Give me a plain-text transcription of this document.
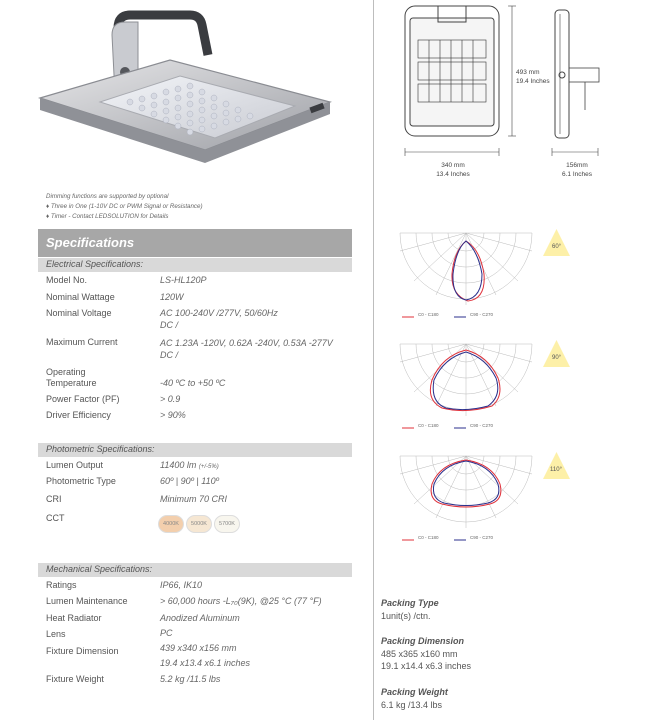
Dimming functions are supported by optional
♦ Three in One (1-10V DC or PWM Signal or Resistance)
♦ Timer - Contact LEDSOLUTION for Details
Specifications
Electrical Specifications:
Model No.	LS-HL120P
Nominal Wattage	120W
Nominal Voltage	AC 100-240V /277V, 50/60Hz
DC /
Maximum Current	AC 1.23A -120V, 0.62A -240V, 0.53A -277V
DC /
Operating
Temperature	-40 ºC to +50 ºC
Power Factor (PF)	> 0.9
Driver Efficiency	> 90%
Photometric Specifications:
Lumen Output	11400 lm (+/-5%)
Photometric Type	60º | 90º | 110º
CRI	Minimum 70 CRI
CCT
4000K	5000K	5700K
Mechanical Specifications:
Ratings	IP66, IK10
Lumen Maintenance	> 60,000 hours -L₇₀(9K), @25 °C (77 °F)
Heat Radiator	Anodized Aluminum
Lens	PC
Fixture Dimension	439 x340 x156 mm
19.4 x13.4 x6.1 inches
Fixture Weight	5.2 kg /11.5 lbs
493 mm
19.4 Inches
340 mm
13.4 Inches
156mm
6.1 Inches
C0 - C180	C90 - C270
60°
C0 - C180	C90 - C270
90°
C0 - C180	C90 - C270
110°
Packing Type
1unit(s) /ctn.
Packing Dimension
485 x365 x160 mm
19.1 x14.4 x6.3 inches
Packing Weight
6.1 kg /13.4 lbs
